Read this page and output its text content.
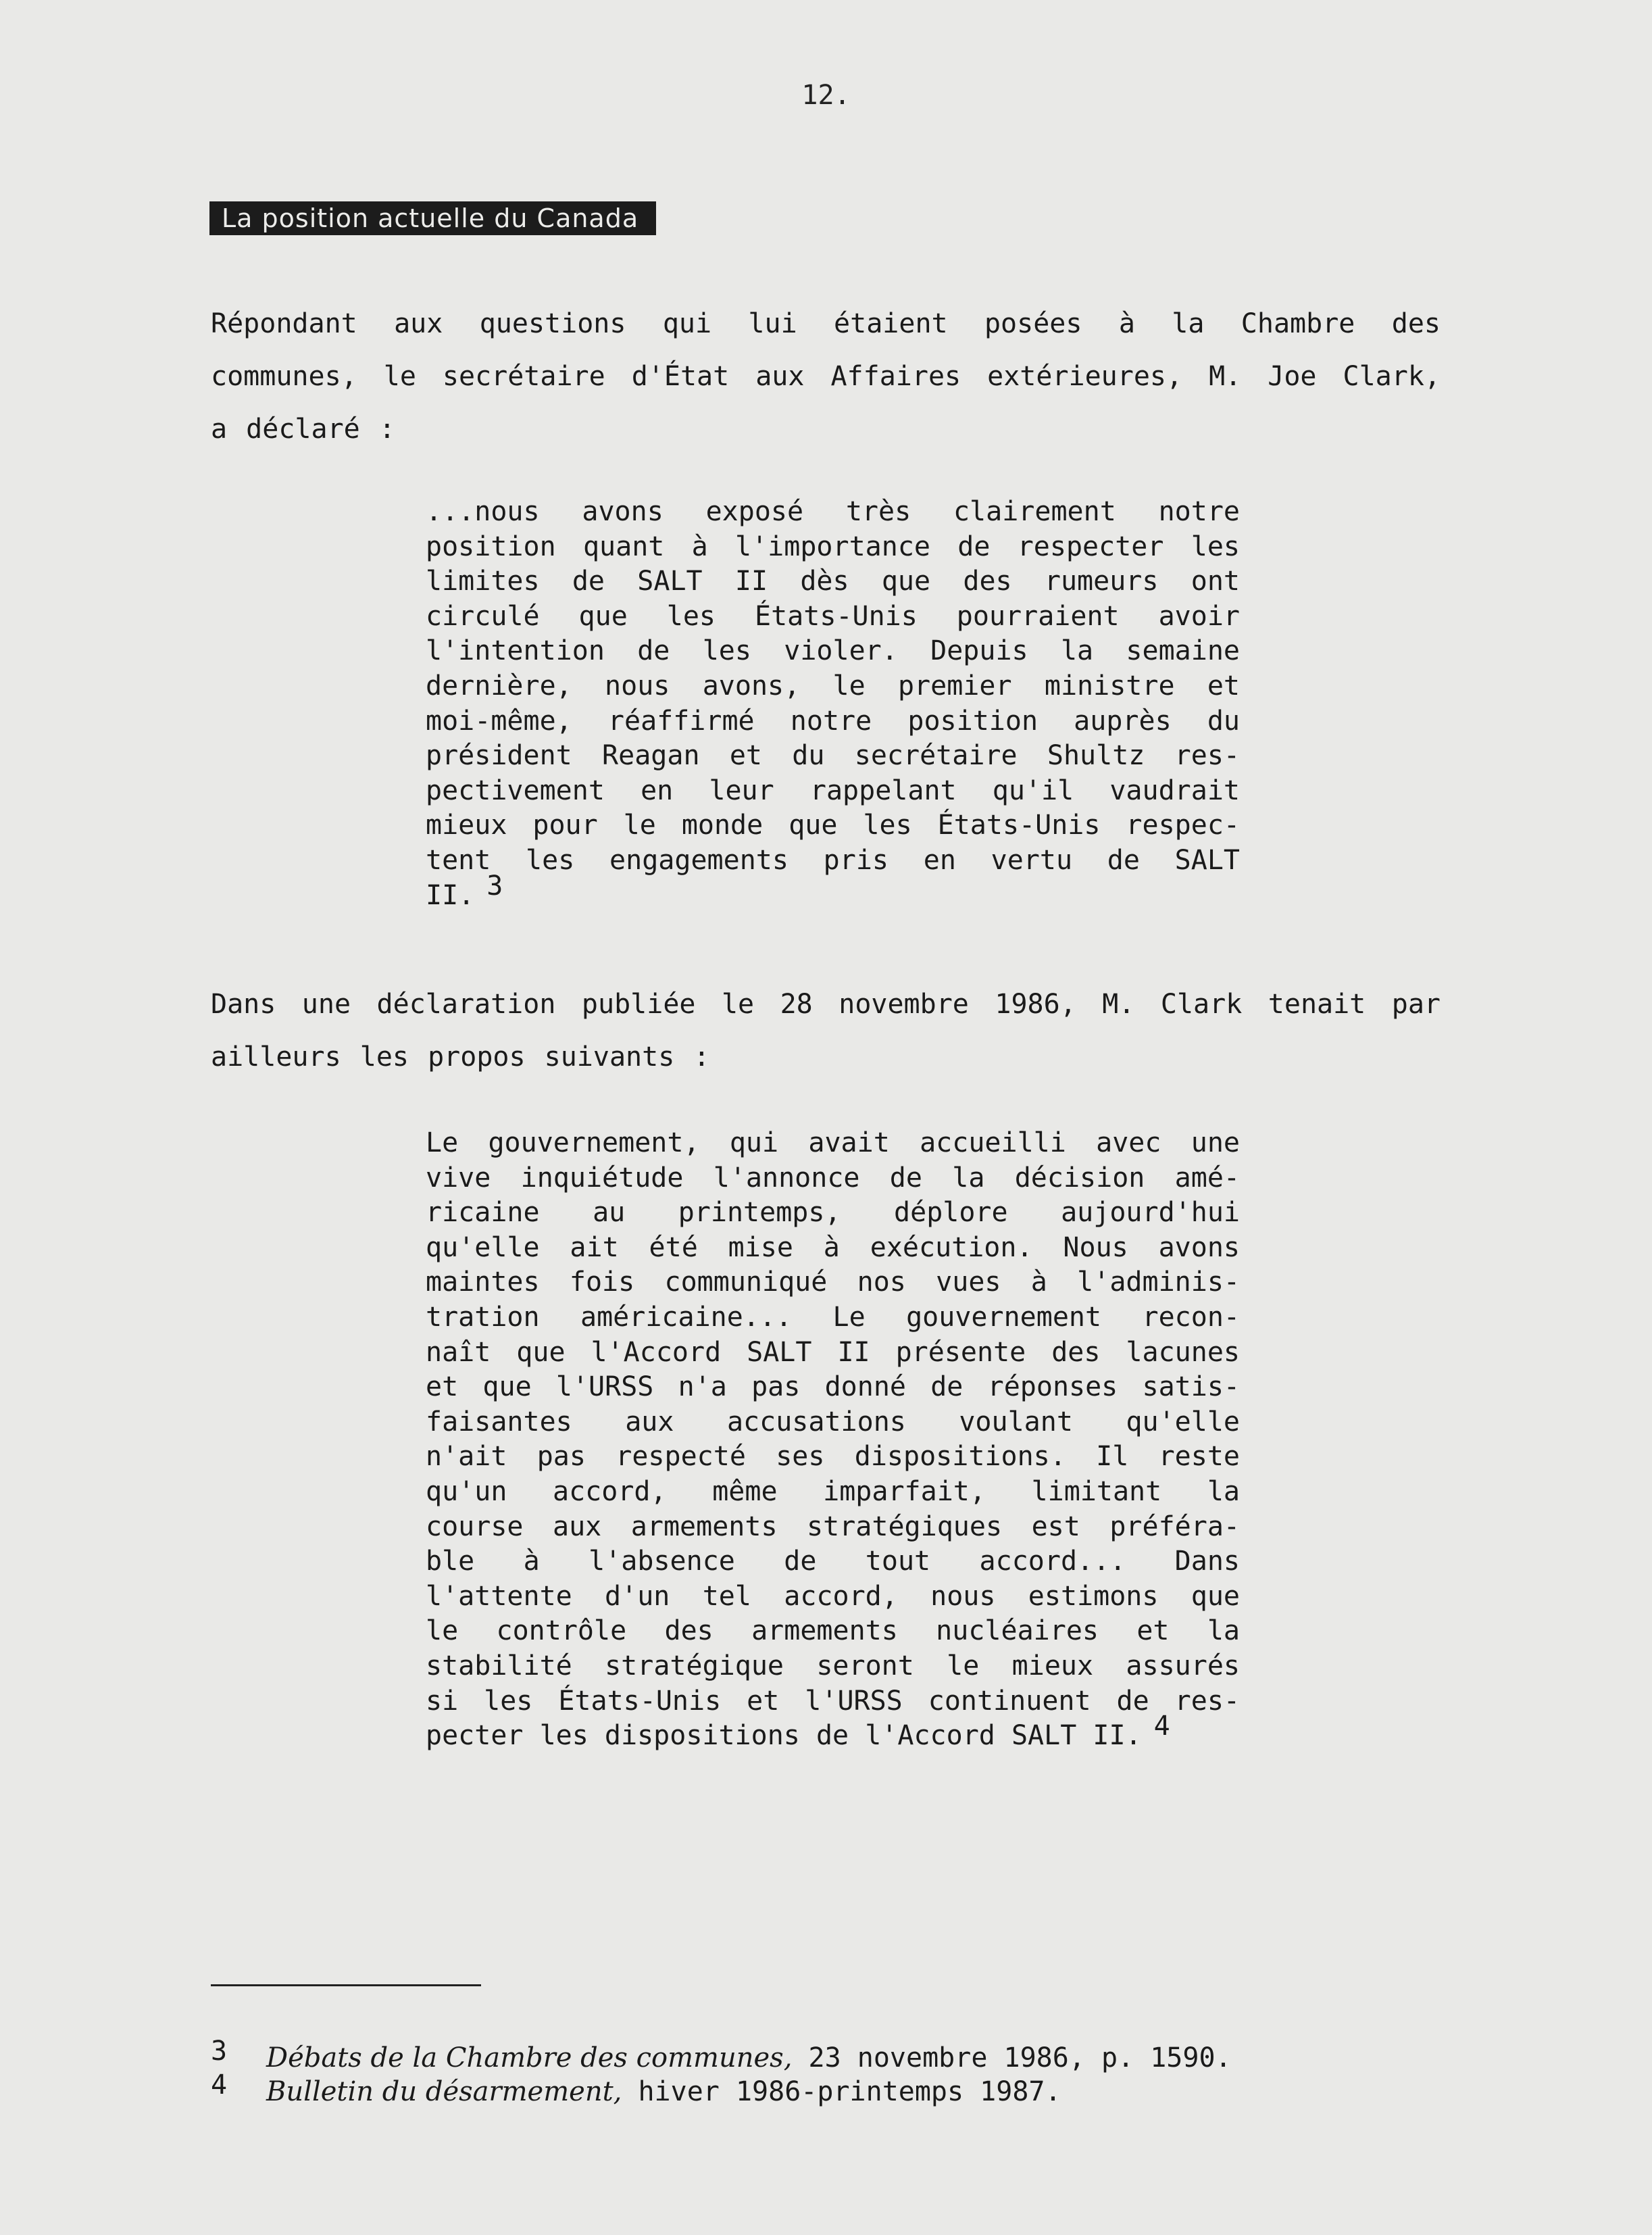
12.
La position actuelle du Canada

Répondant aux questions qui lui étaient posées à la Chambre des
communes, le secrétaire d'État aux Affaires extérieures, M. Joe Clark,
a déclaré :

...nous avons exposé très clairement notre
position quant à l'importance de respecter les
limites de SALT II dès que des rumeurs ont
circulé que les États-Unis pourraient avoir
l'intention de les violer. Depuis la semaine
dernière, nous avons, le premier ministre et
moi-même, réaffirmé notre position auprès du
président Reagan et du secrétaire Shultz res-
pectivement en leur rappelant qu'il vaudrait
mieux pour le monde que les États-Unis respec-
tent les engagements pris en vertu de SALT
II. 3

Dans une déclaration publiée le 28 novembre 1986, M. Clark tenait par
ailleurs les propos suivants :

Le gouvernement, qui avait accueilli avec une
vive inquiétude l'annonce de la décision amé-
ricaine au printemps, déplore aujourd'hui
qu'elle ait été mise à exécution. Nous avons
maintes fois communiqué nos vues à l'adminis-
tration américaine... Le gouvernement recon-
naît que l'Accord SALT II présente des lacunes
et que l'URSS n'a pas donné de réponses satis-
faisantes aux accusations voulant qu'elle
n'ait pas respecté ses dispositions. Il reste
qu'un accord, même imparfait, limitant la
course aux armements stratégiques est préféra-
ble à l'absence de tout accord... Dans
l'attente d'un tel accord, nous estimons que
le contrôle des armements nucléaires et la
stabilité stratégique seront le mieux assurés
si les États-Unis et l'URSS continuent de res-
pecter les dispositions de l'Accord SALT II. 4
3	Débats de la Chambre des communes, 23 novembre 1986, p. 1590.
4	Bulletin du désarmement, hiver 1986-printemps 1987.
